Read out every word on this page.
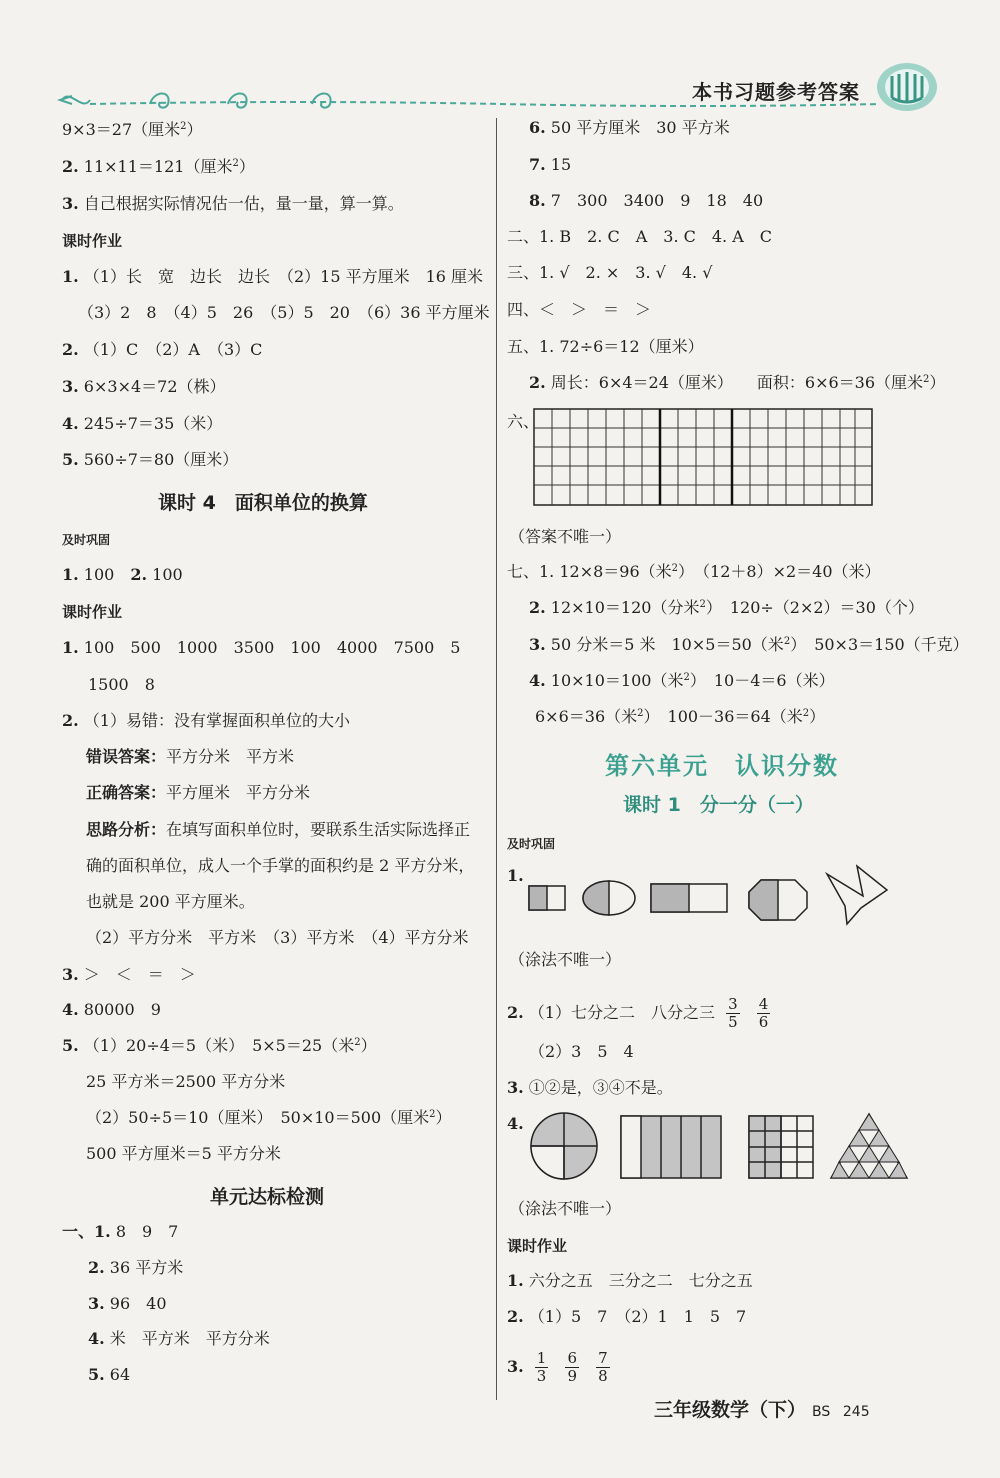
本书习题参考答案
9×3＝27（厘米$^2$）
2. 11×11＝121（厘米$^2$）
3. 自己根据实际情况估一估，量一量，算一算。
课时作业
1. （1）长　宽　边长　边长　（2）15 平方厘米　16 厘米
（3）2　8　（4）5　26　（5）5　20　（6）36 平方厘米
2. （1）C　（2）A　（3）C
3. 6×3×4＝72（株）
4. 245÷7＝35（米）
5. 560÷7＝80（厘米）
课时 4　面积单位的换算
及时巩固
1. 100　2. 100
课时作业
1. 100　500　1000　3500　100　4000　7500　5
1500　8
2. （1）易错：没有掌握面积单位的大小
错误答案：平方分米　平方米
正确答案：平方厘米　平方分米
思路分析：在填写面积单位时，要联系生活实际选择正
确的面积单位，成人一个手掌的面积约是 2 平方分米，
也就是 200 平方厘米。
（2）平方分米　平方米　（3）平方米　（4）平方分米
3. ＞　＜　＝　＞
4. 80000　9
5. （1）20÷4＝5（米）　5×5＝25（米$^2$）
25 平方米＝2500 平方分米
（2）50÷5＝10（厘米）　50×10＝500（厘米$^2$）
500 平方厘米＝5 平方分米
单元达标检测
一、1. 8　9　7
2. 36 平方米
3. 96　40
4. 米　平方米　平方分米
5. 64
6. 50 平方厘米　30 平方米
7. 15
8. 7　300　3400　9　18　40
二、1. B　2. C　A　3. C　4. A　C
三、1. √　2. ×　3. √　4. √
四、＜　＞　＝　＞
五、1. 72÷6＝12（厘米）
2. 周长：6×4＝24（厘米）　　面积：6×6＝36（厘米$^2$）
六、
（答案不唯一）
七、1. 12×8＝96（米$^2$）　（12＋8）×2＝40（米）
2. 12×10＝120（分米$^2$）　120÷（2×2）＝30（个）
3. 50 分米＝5 米　10×5＝50（米$^2$）　50×3＝150（千克）
4. 10×10＝100（米$^2$）　10－4＝6（米）
6×6＝36（米$^2$）　100－36＝64（米$^2$）
第六单元　认识分数
课时 1　分一分（一）
及时巩固
1.
（涂法不唯一）
2. （1）七分之二　八分之三 $\frac{3}{5}$
$\frac{4}{6}$
（2）3　5　4
3. ①②是，③④不是。
4.
（涂法不唯一）
课时作业
1. 六分之五　三分之二　七分之五
2. （1）5　7　（2）1　1　5　7
3. $\frac{1}{3}$
$\frac{6}{9}$
$\frac{7}{8}$
三年级数学（下） BS 245
